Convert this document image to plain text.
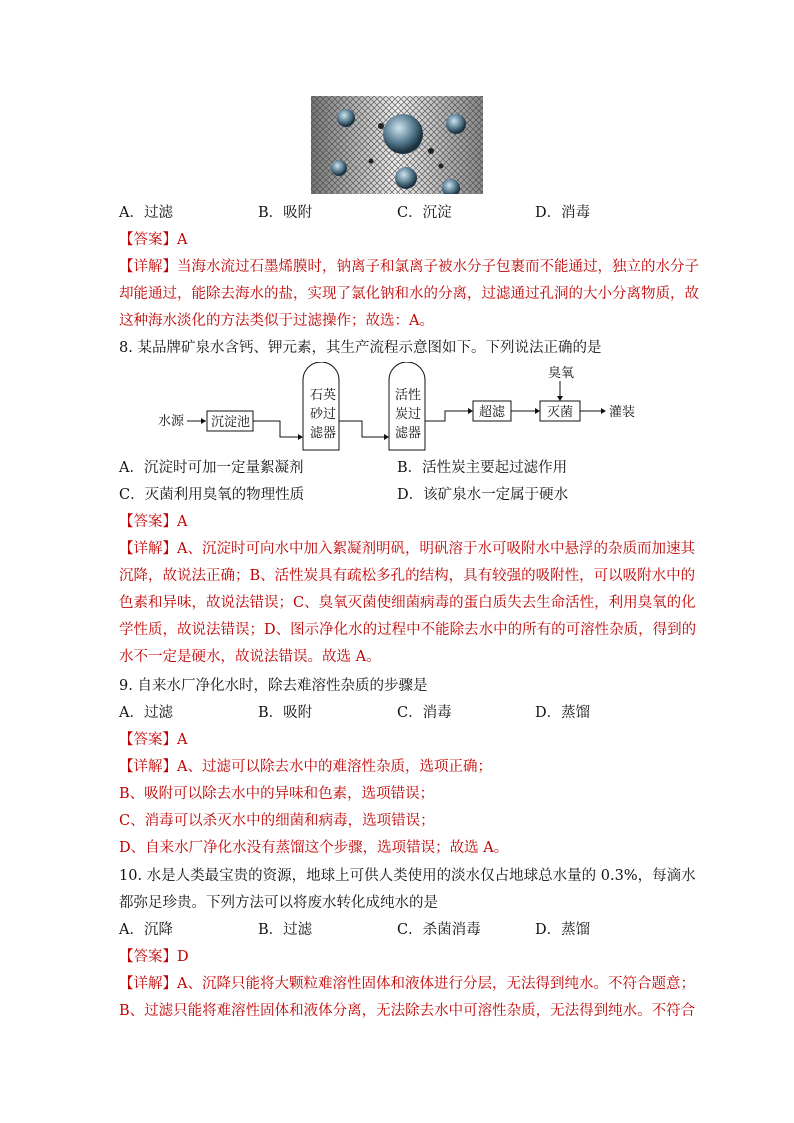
A．过滤	B．吸附	C．沉淀	D．消毒
【答案】A
【详解】当海水流过石墨烯膜时，钠离子和氯离子被水分子包裹而不能通过，独立的水分子
却能通过，能除去海水的盐，实现了氯化钠和水的分离，过滤通过孔洞的大小分离物质，故
这种海水淡化的方法类似于过滤操作；故选：A。
8. 某品牌矿泉水含钙、钾元素，其生产流程示意图如下。下列说法正确的是
水源 沉淀池
石英
砂过
滤器
活性
炭过
滤器
超滤	灭菌
臭氧
灌装
A．沉淀时可加一定量絮凝剂	B．活性炭主要起过滤作用
C．灭菌利用臭氧的物理性质	D．该矿泉水一定属于硬水
【答案】A
【详解】A、沉淀时可向水中加入絮凝剂明矾，明矾溶于水可吸附水中悬浮的杂质而加速其
沉降，故说法正确；B、活性炭具有疏松多孔的结构，具有较强的吸附性，可以吸附水中的
色素和异味，故说法错误；C、臭氧灭菌使细菌病毒的蛋白质失去生命活性，利用臭氧的化
学性质，故说法错误；D、图示净化水的过程中不能除去水中的所有的可溶性杂质，得到的
水不一定是硬水，故说法错误。故选 A。
9. 自来水厂净化水时，除去难溶性杂质的步骤是
A．过滤	B．吸附	C．消毒	D．蒸馏
【答案】A
【详解】A、过滤可以除去水中的难溶性杂质，选项正确；
B、吸附可以除去水中的异味和色素，选项错误；
C、消毒可以杀灭水中的细菌和病毒，选项错误；
D、自来水厂净化水没有蒸馏这个步骤，选项错误；故选 A。
10. 水是人类最宝贵的资源，地球上可供人类使用的淡水仅占地球总水量的 0.3%，每滴水
都弥足珍贵。下列方法可以将废水转化成纯水的是
A．沉降	B．过滤	C．杀菌消毒	D．蒸馏
【答案】D
【详解】A、沉降只能将大颗粒难溶性固体和液体进行分层，无法得到纯水。不符合题意；
B、过滤只能将难溶性固体和液体分离，无法除去水中可溶性杂质，无法得到纯水。不符合
